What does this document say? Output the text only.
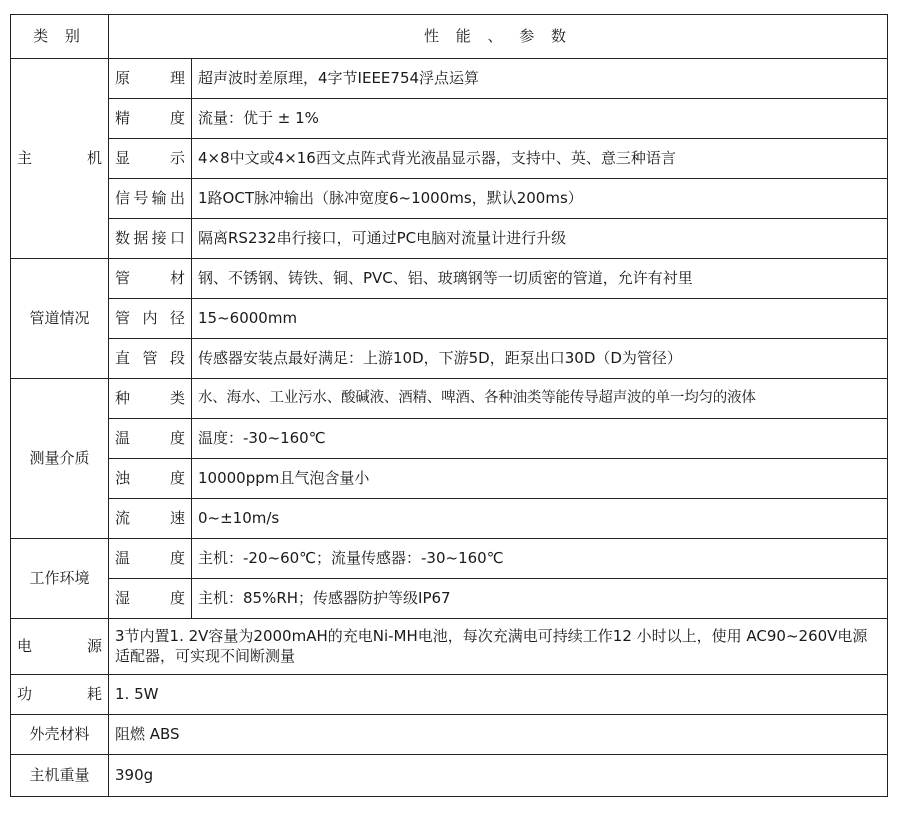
类 别	性 能 、 参 数	
主 机	原　理	超声波时差原理，4字节IEEE754浮点运算
	精　度	流量：优于 ± 1%
	显　示	4×8中文或4×16西文点阵式背光液晶显示器，支持中、英、意三种语言
	信号输出	1路OCT脉冲输出（脉冲宽度6~1000ms，默认200ms）
	数据接口	隔离RS232串行接口，可通过PC电脑对流量计进行升级
管道情况	管　材	钢、不锈钢、铸铁、铜、PVC、铝、玻璃钢等一切质密的管道，允许有衬里
	管 内 径	15~6000mm
	直 管 段	传感器安装点最好满足：上游10D，下游5D，距泵出口30D（D为管径）
测量介质	种　类	水、海水、工业污水、酸碱液、酒精、啤酒、各种油类等能传导超声波的单一均匀的液体
	温　度	温度：-30~160℃
	浊　度	10000ppm且气泡含量小
	流　速	0~±10m/s
工作环境	温　度	主机：-20~60℃；流量传感器：-30~160℃
	湿　度	主机：85%RH；传感器防护等级IP67
电　源	3节内置1. 2V容量为2000mAH的充电Ni-MH电池，每次充满电可持续工作12 小时以上，使用 AC90~260V电源适配器，可实现不间断测量	
功　耗	1. 5W	
外壳材料	阻燃 ABS	
主机重量	390g	
